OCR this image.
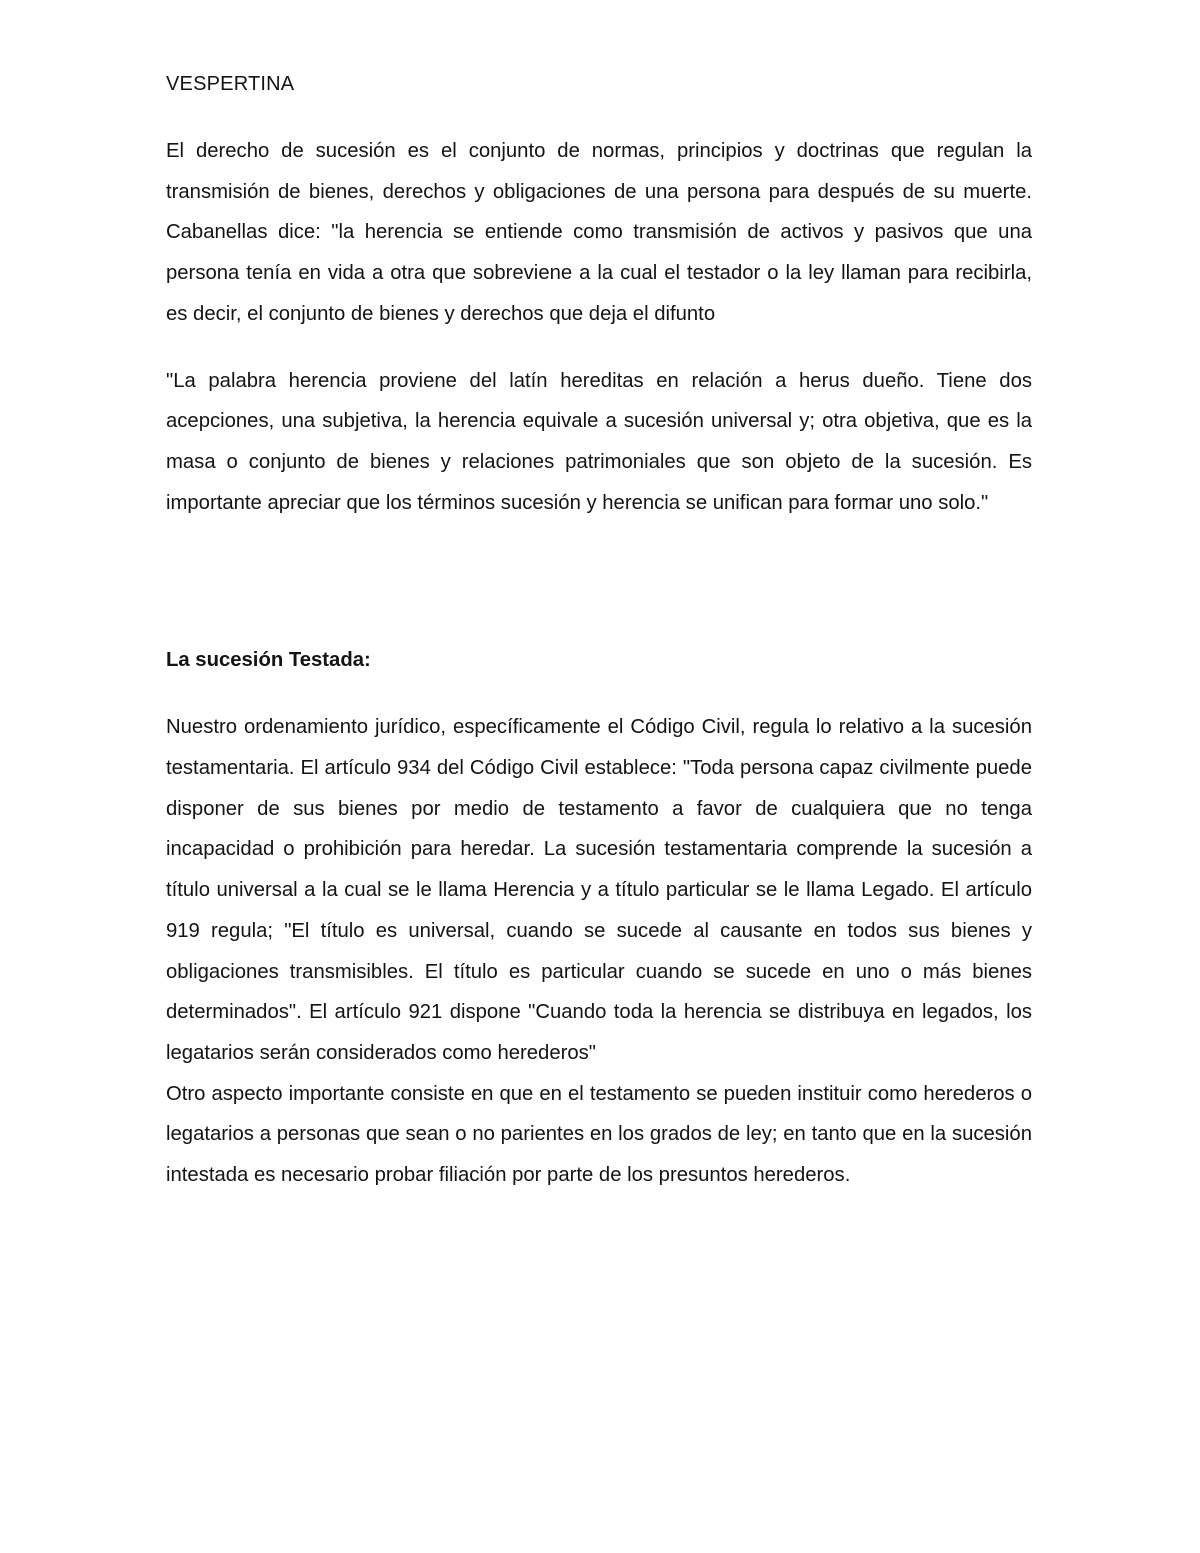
VESPERTINA

El derecho de sucesión es el conjunto de normas, principios y doctrinas que regulan la transmisión de bienes, derechos y obligaciones de una persona para después de su muerte. Cabanellas dice: "la herencia se entiende como transmisión de activos y pasivos que una persona tenía en vida a otra que sobreviene a la cual el testador o la ley llaman para recibirla, es decir, el conjunto de bienes y derechos que deja el difunto

"La palabra herencia proviene del latín hereditas en relación a herus dueño. Tiene dos acepciones, una subjetiva, la herencia equivale a sucesión universal y; otra objetiva, que es la masa o conjunto de bienes y relaciones patrimoniales que son objeto de la sucesión. Es importante apreciar que los términos sucesión y herencia se unifican para formar uno solo."

La sucesión Testada:

Nuestro ordenamiento jurídico, específicamente el Código Civil, regula lo relativo a la sucesión testamentaria. El artículo 934 del Código Civil establece: "Toda persona capaz civilmente puede disponer de sus bienes por medio de testamento a favor de cualquiera que no tenga incapacidad o prohibición para heredar. La sucesión testamentaria comprende la sucesión a título universal a la cual se le llama Herencia y a título particular se le llama Legado. El artículo 919 regula; "El título es universal, cuando se sucede al causante en todos sus bienes y obligaciones transmisibles. El título es particular cuando se sucede en uno o más bienes determinados". El artículo 921 dispone "Cuando toda la herencia se distribuya en legados, los legatarios serán considerados como herederos"

Otro aspecto importante consiste en que en el testamento se pueden instituir como herederos o legatarios a personas que sean o no parientes en los grados de ley; en tanto que en la sucesión intestada es necesario probar filiación por parte de los presuntos herederos.
